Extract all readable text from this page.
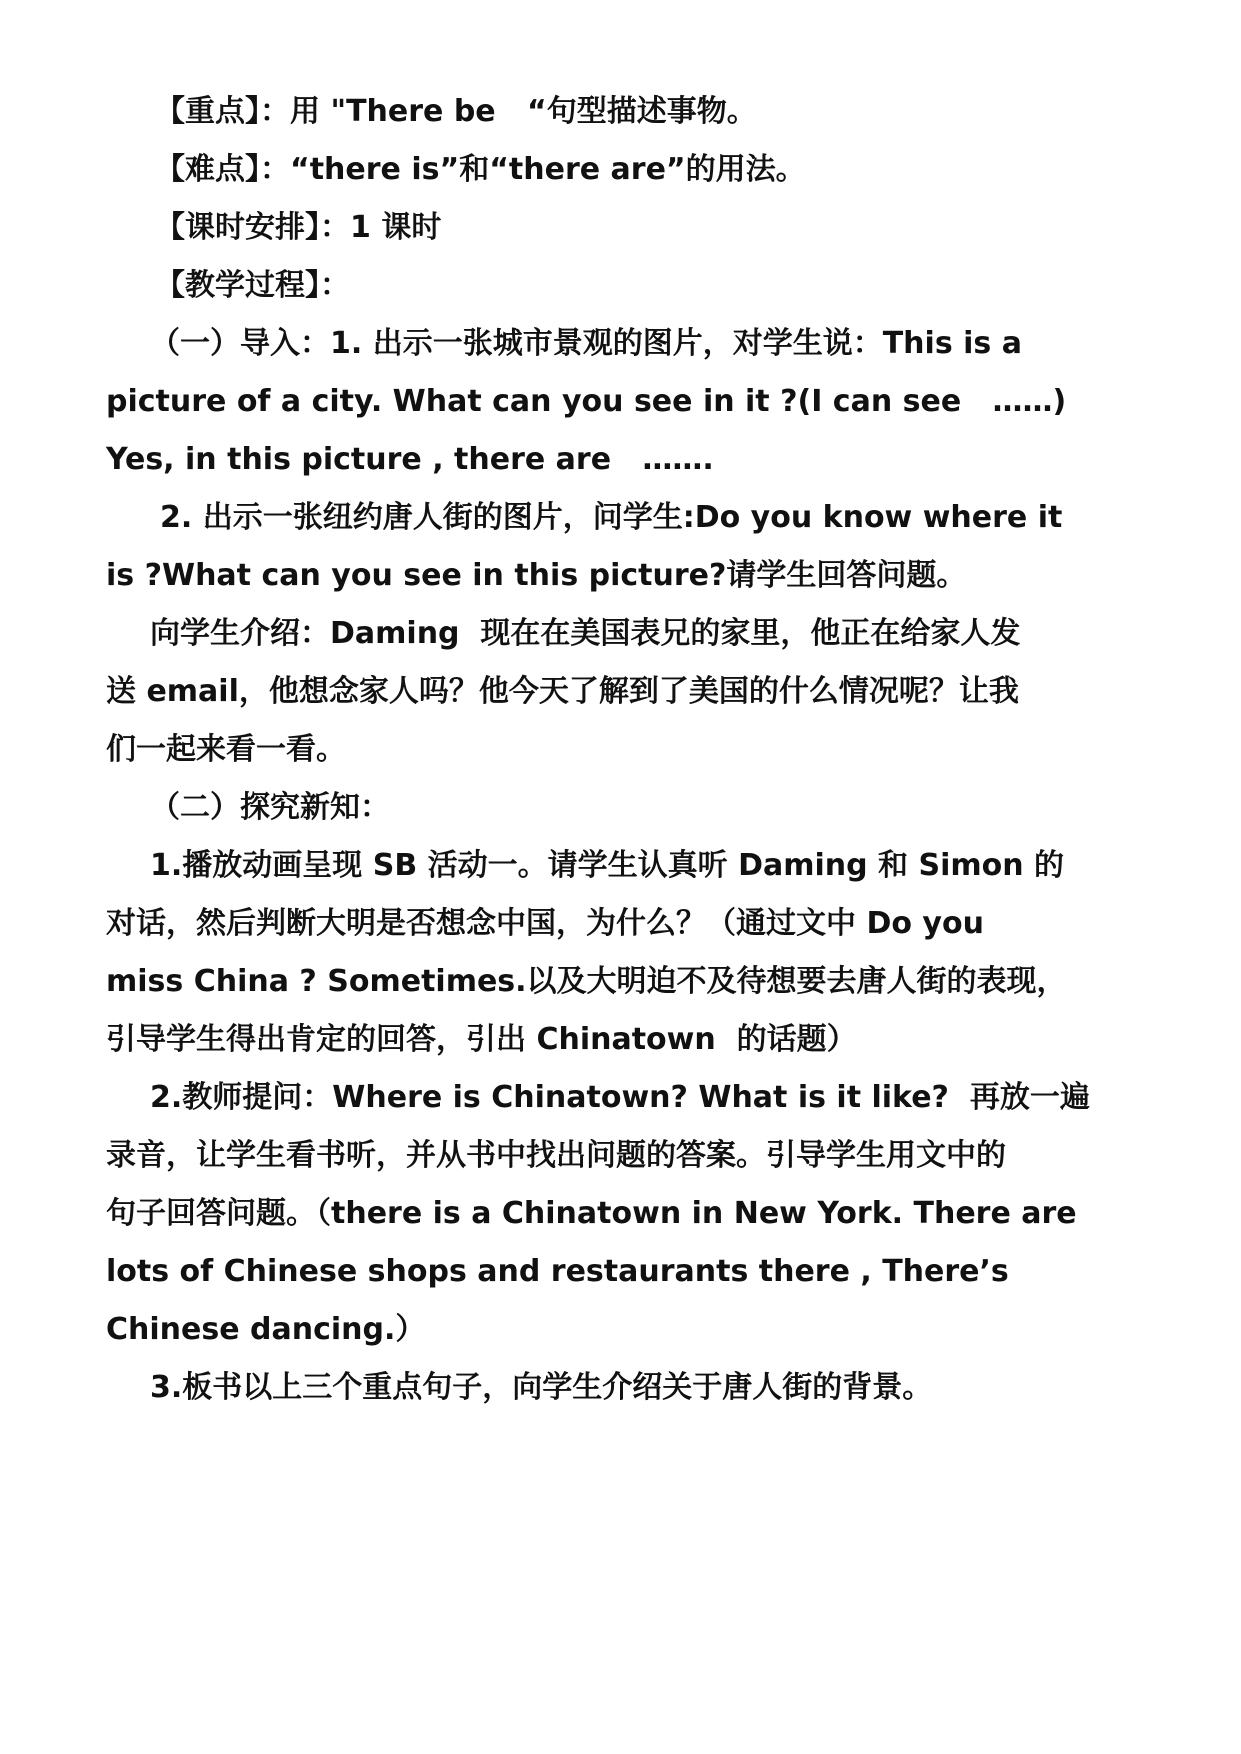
【重点】：用 "There be   “句型描述事物。
【难点】：“there is”和“there are”的用法。
【课时安排】：1 课时
【教学过程】：
（一）导入：1. 出示一张城市景观的图片，对学生说：This is a
picture of a city. What can you see in it ?(I can see   ……)
Yes, in this picture , there are   …….
2. 出示一张纽约唐人街的图片，问学生:Do you know where it
is ?What can you see in this picture?请学生回答问题。
向学生介绍：Daming  现在在美国表兄的家里，他正在给家人发
送 email，他想念家人吗？他今天了解到了美国的什么情况呢？让我
们一起来看一看。
（二）探究新知：
1.播放动画呈现 SB 活动一。请学生认真听 Daming 和 Simon 的
对话，然后判断大明是否想念中国，为什么？（通过文中 Do you
miss China ? Sometimes.以及大明迫不及待想要去唐人街的表现，
引导学生得出肯定的回答，引出 Chinatown  的话题）
2.教师提问：Where is Chinatown? What is it like?  再放一遍
录音，让学生看书听，并从书中找出问题的答案。引导学生用文中的
句子回答问题。（there is a Chinatown in New York. There are
lots of Chinese shops and restaurants there , There’s
Chinese dancing.）
3.板书以上三个重点句子，向学生介绍关于唐人街的背景。
